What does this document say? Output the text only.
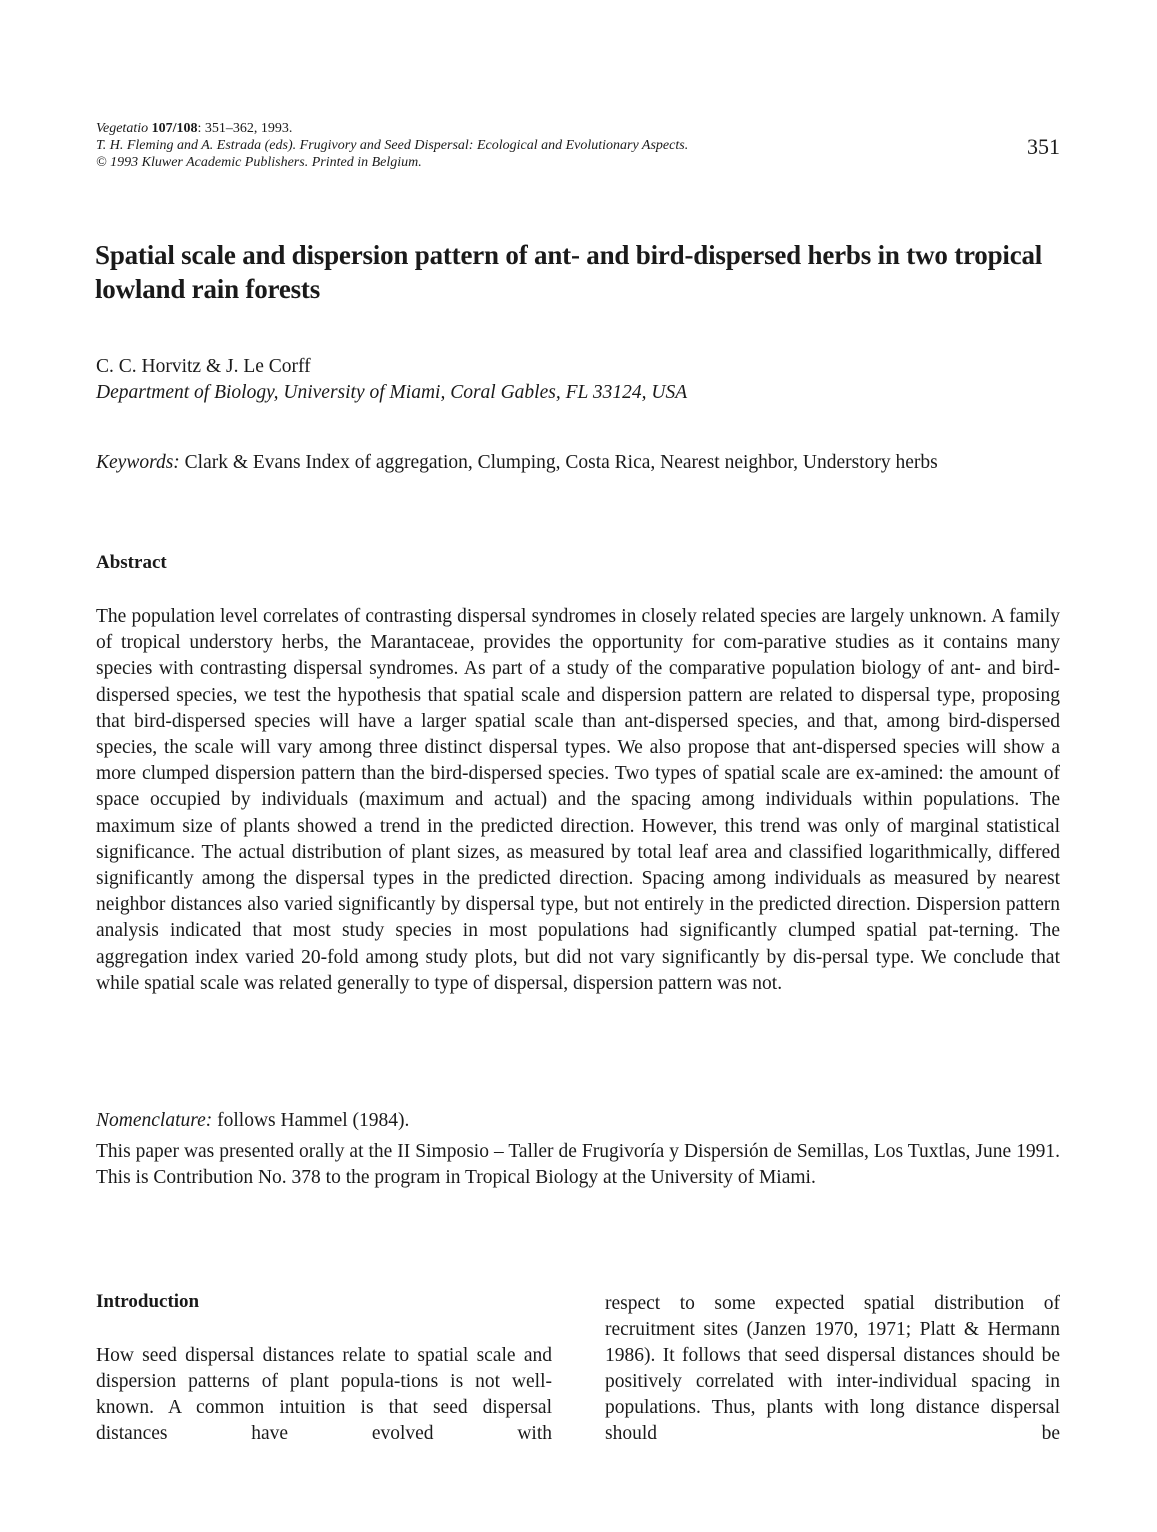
Vegetatio 107/108: 351–362, 1993.
T. H. Fleming and A. Estrada (eds). Frugivory and Seed Dispersal: Ecological and Evolutionary Aspects.
© 1993 Kluwer Academic Publishers. Printed in Belgium.
351
Spatial scale and dispersion pattern of ant- and bird-dispersed herbs in two tropical lowland rain forests
C. C. Horvitz & J. Le Corff
Department of Biology, University of Miami, Coral Gables, FL 33124, USA
Keywords: Clark & Evans Index of aggregation, Clumping, Costa Rica, Nearest neighbor, Understory herbs
Abstract

The population level correlates of contrasting dispersal syndromes in closely related species are largely unknown. A family of tropical understory herbs, the Marantaceae, provides the opportunity for com-parative studies as it contains many species with contrasting dispersal syndromes. As part of a study of the comparative population biology of ant- and bird-dispersed species, we test the hypothesis that spatial scale and dispersion pattern are related to dispersal type, proposing that bird-dispersed species will have a larger spatial scale than ant-dispersed species, and that, among bird-dispersed species, the scale will vary among three distinct dispersal types. We also propose that ant-dispersed species will show a more clumped dispersion pattern than the bird-dispersed species. Two types of spatial scale are ex-amined: the amount of space occupied by individuals (maximum and actual) and the spacing among individuals within populations. The maximum size of plants showed a trend in the predicted direction. However, this trend was only of marginal statistical significance. The actual distribution of plant sizes, as measured by total leaf area and classified logarithmically, differed significantly among the dispersal types in the predicted direction. Spacing among individuals as measured by nearest neighbor distances also varied significantly by dispersal type, but not entirely in the predicted direction. Dispersion pattern analysis indicated that most study species in most populations had significantly clumped spatial pat-terning. The aggregation index varied 20-fold among study plots, but did not vary significantly by dis-persal type. We conclude that while spatial scale was related generally to type of dispersal, dispersion pattern was not.

Nomenclature: follows Hammel (1984).

This paper was presented orally at the II Simposio – Taller de Frugivoría y Dispersión de Semillas, Los Tuxtlas, June 1991. This is Contribution No. 378 to the program in Tropical Biology at the University of Miami.

Introduction

How seed dispersal distances relate to spatial scale and dispersion patterns of plant popula-tions is not well-known. A common intuition is that seed dispersal distances have evolved with

respect to some expected spatial distribution of recruitment sites (Janzen 1970, 1971; Platt & Hermann 1986). It follows that seed dispersal distances should be positively correlated with inter-individual spacing in populations. Thus, plants with long distance dispersal should be
